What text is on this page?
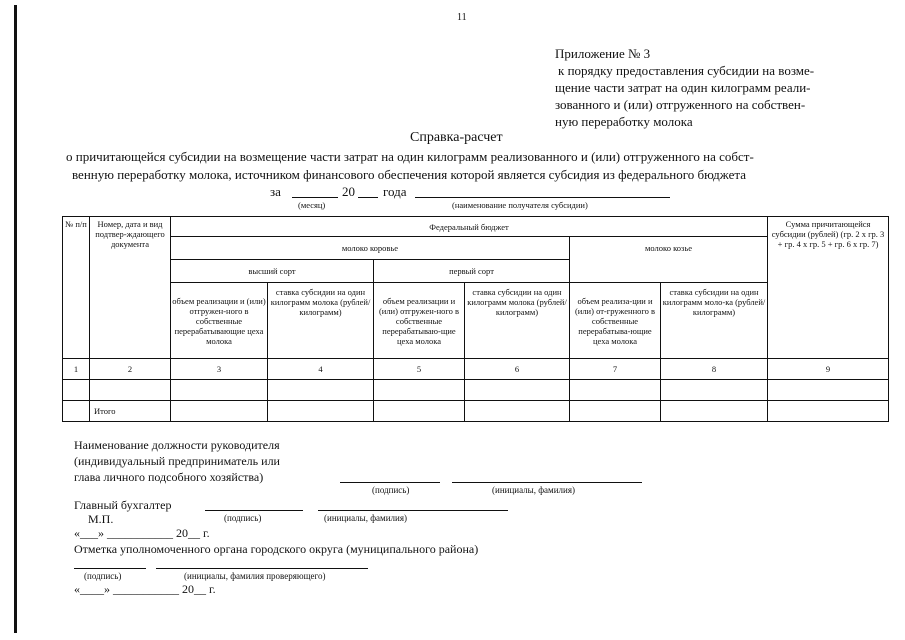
11
Приложение № 3
к порядку предоставления субсидии на возме-
щение части затрат на один килограмм реали-
зованного и (или) отгруженного на собствен-
ную переработку молока
Справка-расчет
о причитающейся субсидии на возмещение части затрат на один килограмм реализованного и (или) отгруженного на собст-
венную переработку молока, источником финансового обеспечения которой является субсидия из федерального бюджета
за	20 года
(месяц)	(наименование получателя субсидии)
№ п/п	Номер, дата и вид подтвер-ждающего документа	Федеральный бюджет						Сумма причитающейся субсидии (рублей) (гр. 2 х гр. 3 + гр. 4 х гр. 5 + гр. 6 х гр. 7)
		молоко коровье				молоко козье		
		высший сорт		первый сорт				
		объем реализации и (или) отгружен-ного в собственные перерабатывающие цеха молока	ставка субсидии на один килограмм молока (рублей/ килограмм)	объем реализации и (или) отгружен-ного в собственные перерабатываю-щие цеха молока	ставка субсидии на один килограмм молока (рублей/ килограмм)	объем реализа-ции и (или) от-груженного в собственные перерабатыва-ющие цеха молока	ставка субсидии на один килограмм моло-ка (рублей/ килограмм)	
1	2	3	4	5	6	7	8	9

	Итого							
Наименование должности руководителя
(индивидуальный предприниматель или
глава личного подсобного хозяйства)
(подпись)	(инициалы, фамилия)
Главный бухгалтер
М.П.	(подпись)	(инициалы, фамилия)
«___» ___________ 20__ г.
Отметка уполномоченного органа городского округа (муниципального района)
(подпись)	(инициалы, фамилия проверяющего)
«____» ___________ 20__ г.
